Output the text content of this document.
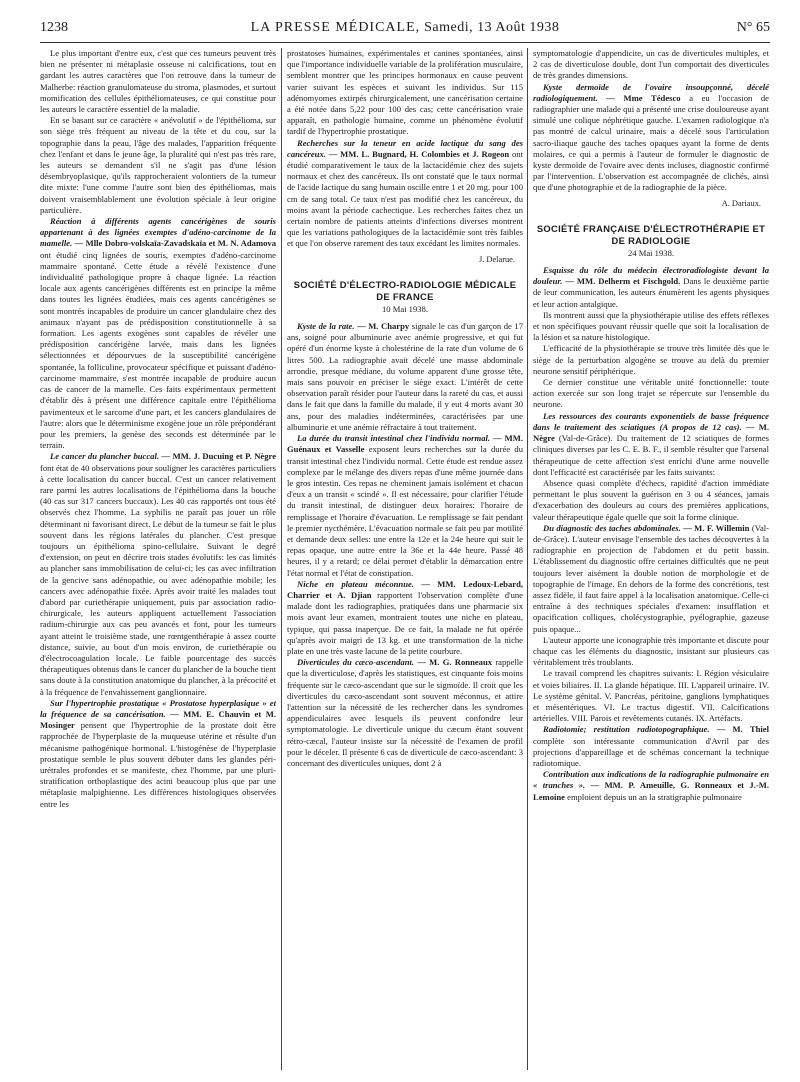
1238	LA PRESSE MÉDICALE, Samedi, 13 Août 1938	N° 65

Le plus important d'entre eux, c'est que ces tumeurs peuvent très bien ne présenter ni métaplasie osseuse ni calcifications, tout en gardant les autres caractères que l'on retrouve dans la tumeur de Malherbe: réaction granulomateuse du stroma, plasmodes, et surtout momification des cellules épithéliomateuses, ce qui constitue pour les auteurs le caractère essentiel de la maladie.

En se basant sur ce caractère « anévolutif » de l'épithélioma, sur son siège très fréquent au niveau de la tête et du cou, sur la topographie dans la peau, l'âge des malades, l'apparition fréquente chez l'enfant et dans le jeune âge, la pluralité qui n'est pas très rare, les auteurs se demandent s'il ne s'agit pas d'une lésion désembryoplasique, qu'ils rapprocheraient volontiers de la tumeur dite mixte: l'une comme l'autre sont bien des épithéliomas, mais doivent vraisemblablement une évolution spéciale à leur origine particulière.

Réaction à différents agents cancérigènes de souris appartenant à des lignées exemptes d'adéno-carcinome de la mamelle. — Mlle Dobro-volskaïa-Zavadskaïa et M. N. Adamova ont étudié cinq lignées de souris, exemptes d'adéno-carcinome mammaire spontané. Cette étude a révélé l'existence d'une individualité pathologique propre à chaque lignée. La réaction locale aux agents cancérigènes différents est en principe la même dans toutes les lignées étudiées, mais ces agents cancérigènes se sont montrés incapables de produire un cancer glandulaire chez des animaux n'ayant pas de prédisposition constitutionnelle à sa formation. Les agents exogènes sont capables de révéler une prédisposition cancérigène larvée, mais dans les lignées sélectionnées et dépourvues de la susceptibilité cancérigène spontanée, la folliculine, provocateur spécifique et puissant d'adéno-carcinome mammaire, s'est montrée incapable de produire aucun cas de cancer de la mamelle. Ces faits expérimentaux permettent d'établir dès à présent une différence capitale entre l'épithélioma pavimenteux et le sarcome d'une part, et les cancers glandulaires de l'autre: alors que le déterminisme exogène joue un rôle prépondérant pour les premiers, la genèse des seconds est déterminée par le terrain.

Le cancer du plancher buccal. — MM. J. Ducuing et P. Nègre font état de 40 observations pour souligner les caractères particuliers à cette localisation du cancer buccal. C'est un cancer relativement rare parmi les autres localisations de l'épithélioma dans la bouche (40 cas sur 317 cancers buccaux). Les 40 cas rapportés ont tous été observés chez l'homme. La syphilis ne paraît pas jouer un rôle déterminant ni favorisant direct. Le début de la tumeur se fait le plus souvent dans les régions latérales du plancher. C'est presque toujours un épithélioma spino-cellulaire. Suivant le degré d'extension, on peut en décrire trois stades évolutifs: les cas limités au plancher sans immobilisation de celui-ci; les cas avec infiltration de la gencive sans adénopathie, ou avec adénopathie mobile; les cancers avec adénopathie fixée. Après avoir traité les malades tout d'abord par curiethérapie uniquement, puis par association radio-chirurgicale, les auteurs appliquent actuellement l'association radium-chirurgie aux cas peu avancés et font, pour les tumeurs ayant atteint le troisième stade, une rœntgenthérapie à assez courte distance, suivie, au bout d'un mois environ, de curiethérapie ou d'électrocoagulation locale. Le faible pourcentage des succès thérapeutiques obtenus dans le cancer du plancher de la bouche tient sans doute à la constitution anatomique du plancher, à la précocité et à la fréquence de l'envahissement ganglionnaire.

Sur l'hypertrophie prostatique « Prostatose hyperplasique » et la fréquence de sa cancérisation. — MM. E. Chauvin et M. Mosinger pensent que l'hypertrophie de la prostate doit être rapprochée de l'hyperplasie de la muqueuse utérine et résulte d'un mécanisme pathogénique hormonal. L'histogénèse de l'hyperplasie prostatique semble le plus souvent débuter dans les glandes péri-urétrales profondes et se manifeste, chez l'homme, par une pluri-stratification orthoplastique des acini beaucoup plus que par une métaplasie malpighienne. Les différences histologiques observées entre les

prostatoses humaines, expérimentales et canines spontanées, ainsi que l'importance individuelle variable de la prolifération musculaire, semblent montrer que les principes hormonaux en cause peuvent varier suivant les espèces et suivant les individus. Sur 115 adénomyomes extirpés chirurgicalement, une cancérisation certaine a été notée dans 5,22 pour 100 des cas; cette cancérisation vraie apparaît, en pathologie humaine, comme un phénomène évolutif tardif de l'hypertrophie prostatique.

Recherches sur la teneur en acide lactique du sang des cancéreux. — MM. L. Bugnard, H. Colombies et J. Rogeon ont étudié comparativement le taux de la lactacidémie chez des sujets normaux et chez des cancéreux. Ils ont constaté que le taux normal de l'acide lactique du sang humain oscille entre 1 et 20 mg. pour 100 cm de sang total. Ce taux n'est pas modifié chez les cancéreux, du moins avant la période cachectique. Les recherches faites chez un certain nombre de patients atteints d'infections diverses montrent que les variations pathologiques de la lactacidémie sont très faibles et que l'on observe rarement des taux excédant les limites normales.

J. Delarue.
SOCIÉTÉ D'ÉLECTRO-RADIOLOGIE MÉDICALE DE FRANCE
10 Mai 1938.

Kyste de la rate. — M. Charpy signale le cas d'un garçon de 17 ans, soigné pour albuminurie avec anémie progressive, et qui fut opéré d'un énorme kyste à cholestérine de la rate d'un volume de 6 litres 500. La radiographie avait décelé une masse abdominale arrondie, presque médiane, du volume apparent d'une grosse tête, mais sans pouvoir en préciser le siège exact. L'intérêt de cette observation paraît résider pour l'auteur dans la rareté du cas, et aussi dans le fait que dans la famille du malade, il y eut 4 morts avant 30 ans, pour des maladies indéterminées, caractérisées par une albuminurie et une anémie réfractaire à tout traitement.

La durée du transit intestinal chez l'individu normal. — MM. Guénaux et Vasselle exposent leurs recherches sur la durée du transit intestinal chez l'individu normal. Cette étude est rendue assez complexe par le mélange des divers repas d'une même journée dans le gros intestin. Ces repas ne cheminent jamais isolément et chacun d'eux a un transit « scindé ». Il est nécessaire, pour clarifier l'étude du transit intestinal, de distinguer deux horaires: l'horaire de remplissage et l'horaire d'évacuation. Le remplissage se fait pendant le premier nycthémère. L'évacuation normale se fait peu par motilité et demande deux selles: une entre la 12e et la 24e heure qui suit le repas opaque, une autre entre la 36e et la 44e heure. Passé 48 heures, il y a retard; ce délai permet d'établir la démarcation entre l'état normal et l'état de constipation.

Niche en plateau méconnue. — MM. Ledoux-Lebard, Charrier et A. Djian rapportent l'observation complète d'une malade dont les radiographies, pratiquées dans une pharmacie six mois avant leur examen, montraient toutes une niche en plateau, typique, qui passa inaperçue. De ce fait, la malade ne fut opérée qu'après avoir maigri de 13 kg. et une transformation de la niche plate en une très vaste lacune de la petite courbure.

Diverticules du cæco-ascendant. — M. G. Ronneaux rappelle que la diverticulose, d'après les statistiques, est cinquante fois moins fréquente sur le cæco-ascendant que sur le sigmoïde. Il croit que les diverticules du cæco-ascendant sont souvent méconnus, et attire l'attention sur la nécessité de les rechercher dans les syndromes appendiculaires avec lesquels ils peuvent confondre leur symptomatologie. Le diverticule unique du cæcum étant souvent rétro-cæcal, l'auteur insiste sur la nécessité de l'examen de profil pour le déceler. Il présente 6 cas de diverticule de cæco-ascendant: 3 concernant des diverticules uniques, dont 2 à

symptomatologie d'appendicite, un cas de diverticules multiples, et 2 cas de diverticulose double, dont l'un comportait des diverticules de très grandes dimensions.

Kyste dermoïde de l'ovaire insoupçonné, décelé radiologiquement. — Mme Tédesco a eu l'occasion de radiographier une malade qui a présenté une crise douloureuse ayant simulé une colique néphrétique gauche. L'examen radiologique n'a pas montré de calcul urinaire, mais a décelé sous l'articulation sacro-iliaque gauche des taches opaques ayant la forme de dents molaires, ce qui a permis à l'auteur de formuler le diagnostic de kyste dermoïde de l'ovaire avec dents incluses, diagnostic confirmé par l'intervention. L'observation est accompagnée de clichés, ainsi que d'une photographie et de la radiographie de la pièce.

A. Dariaux.
SOCIÉTÉ FRANÇAISE D'ÉLECTROTHÉRAPIE ET DE RADIOLOGIE
24 Mai 1938.

Esquisse du rôle du médecin électroradiologiste devant la douleur. — MM. Delherm et Fischgold. Dans le deuxième partie de leur communication, les auteurs énumèrent les agents physiques et leur action antalgique.

Ils montrent aussi que la physiothérapie utilise des effets réflexes et non spécifiques pouvant réussir quelle que soit la localisation de la lésion et sa nature histologique.

L'efficacité de la physiothérapie se trouve très limitée dès que le siège de la perturbation algogène se trouve au delà du premier neurone sensitif périphérique.

Ce dernier constitue une véritable unité fonctionnelle: toute action exercée sur son long trajet se répercute sur l'ensemble du neurone.

Les ressources des courants exponentiels de basse fréquence dans le traitement des sciatiques (A propos de 12 cas). — M. Nègre (Val-de-Grâce). Du traitement de 12 sciatiques de formes cliniques diverses par les C. E. B. F., il semble résulter que l'arsenal thérapeutique de cette affection s'est enrichi d'une arme nouvelle dont l'efficacité est caractérisée par les faits suivants:

Absence quasi complète d'échecs, rapidité d'action immédiate permettant le plus souvent la guérison en 3 ou 4 séances, jamais d'exacerbation des douleurs au cours des premières applications, valeur thérapeutique égale quelle que soit la forme clinique.

Du diagnostic des taches abdominales. — M. F. Willemin (Val-de-Grâce). L'auteur envisage l'ensemble des taches découvertes à la radiographie en projection de l'abdomen et du petit bassin. L'établissement du diagnostic offre certaines difficultés que ne peut toujours lever aisément la double notion de morphologie et de topographie de l'image. En dehors de la forme des concrétions, test assez fidèle, il faut faire appel à la localisation anatomique. Celle-ci entraîne à des techniques spéciales d'examen: insufflation et opacification colliques, cholécystographie, pyélographie, gazeuse puis opaque...

L'auteur apporte une iconographie très importante et discute pour chaque cas les éléments du diagnostic, insistant sur plusieurs cas véritablement très troublants.

Le travail comprend les chapitres suivants: I. Région vésiculaire et voies biliaires. II. La glande hépatique. III. L'appareil urinaire. IV. Le système génital. V. Pancréas, péritoine, ganglions lymphatiques et mésentériques. VI. Le tractus digestif. VII. Calcifications artérielles. VIII. Parois et revêtements cutanés. IX. Artéfacts.

Radiotomie; restitution radiotopographique. — M. Thiel complète son intéressante communication d'Avril par des projections d'appareillage et de schémas concernant la technique radiotomique.

Contribution aux indications de la radiographie pulmonaire en « tranches ». — MM. P. Ameuille, G. Ronneaux et J.-M. Lemoine emploient depuis un an la stratigraphie pulmonaire
